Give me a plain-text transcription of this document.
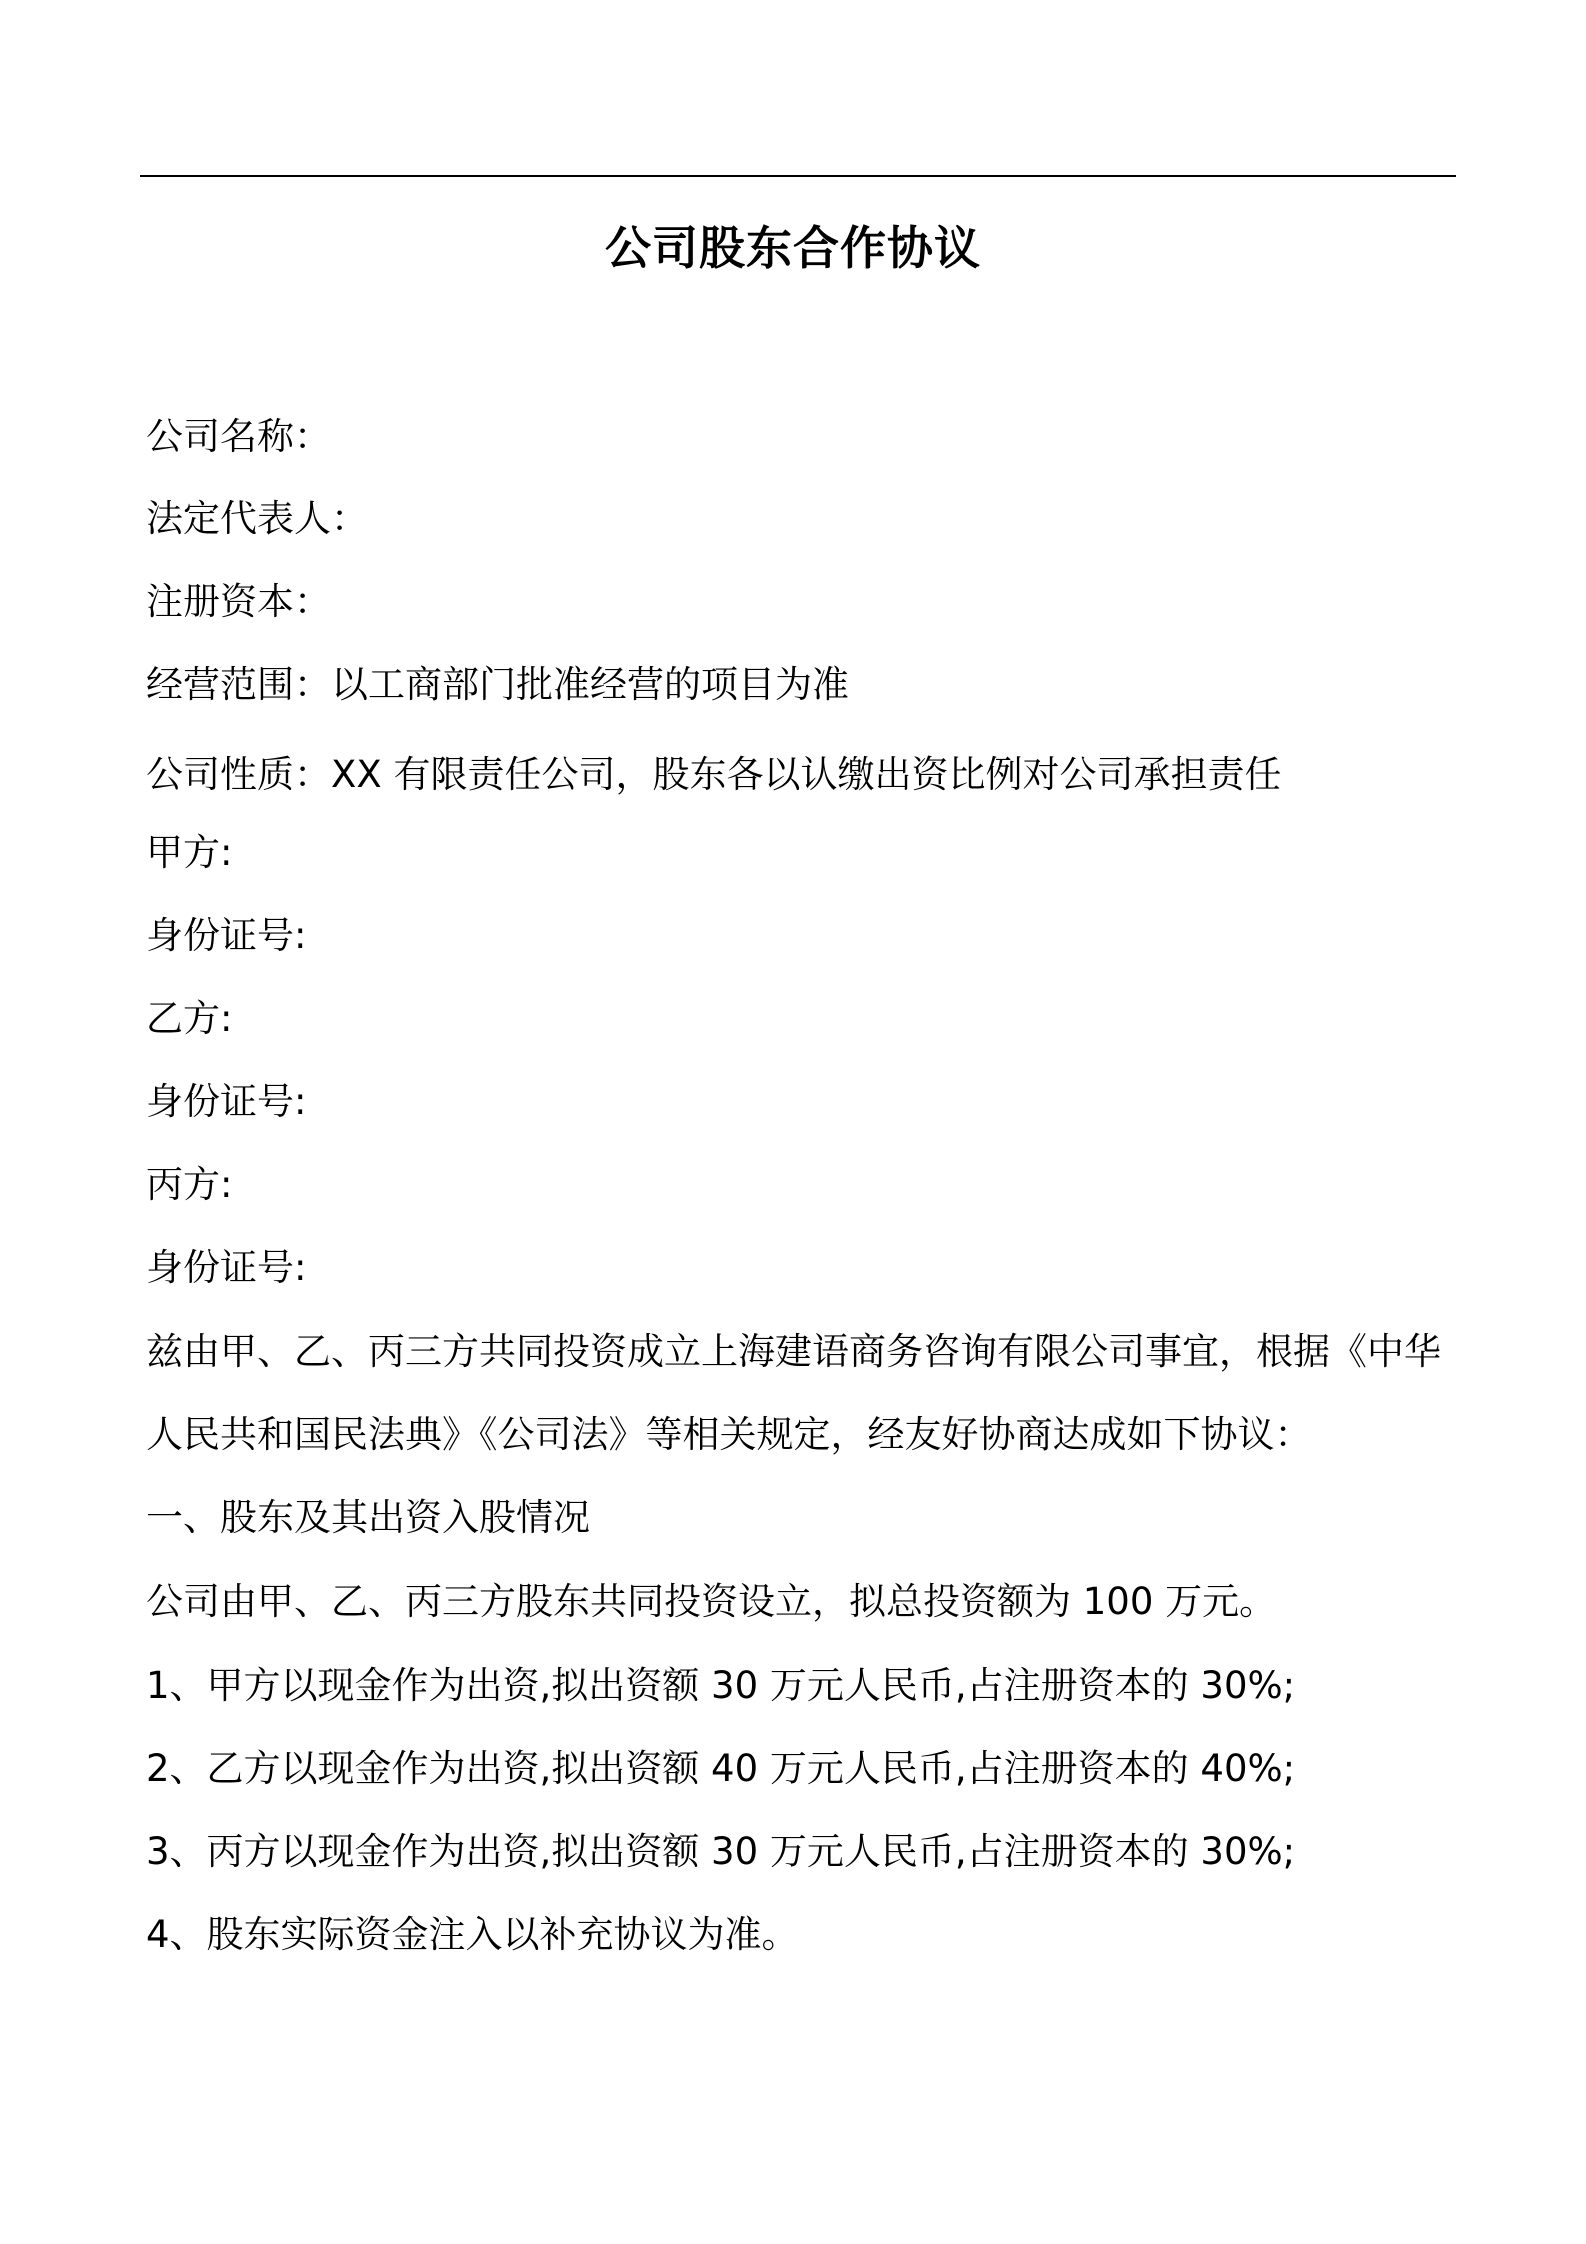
公司股东合作协议
公司名称：
法定代表人：
注册资本：
经营范围：以工商部门批准经营的项目为准
公司性质：XX 有限责任公司，股东各以认缴出资比例对公司承担责任
甲方:
身份证号:
乙方:
身份证号:
丙方:
身份证号:
兹由甲、乙、丙三方共同投资成立上海建语商务咨询有限公司事宜，根据《中华
人民共和国民法典》《公司法》等相关规定，经友好协商达成如下协议：
一、股东及其出资入股情况
公司由甲、乙、丙三方股东共同投资设立，拟总投资额为 100 万元。
1、甲方以现金作为出资,拟出资额 30 万元人民币,占注册资本的 30%;
2、乙方以现金作为出资,拟出资额 40 万元人民币,占注册资本的 40%;
3、丙方以现金作为出资,拟出资额 30 万元人民币,占注册资本的 30%;
4、股东实际资金注入以补充协议为准。
